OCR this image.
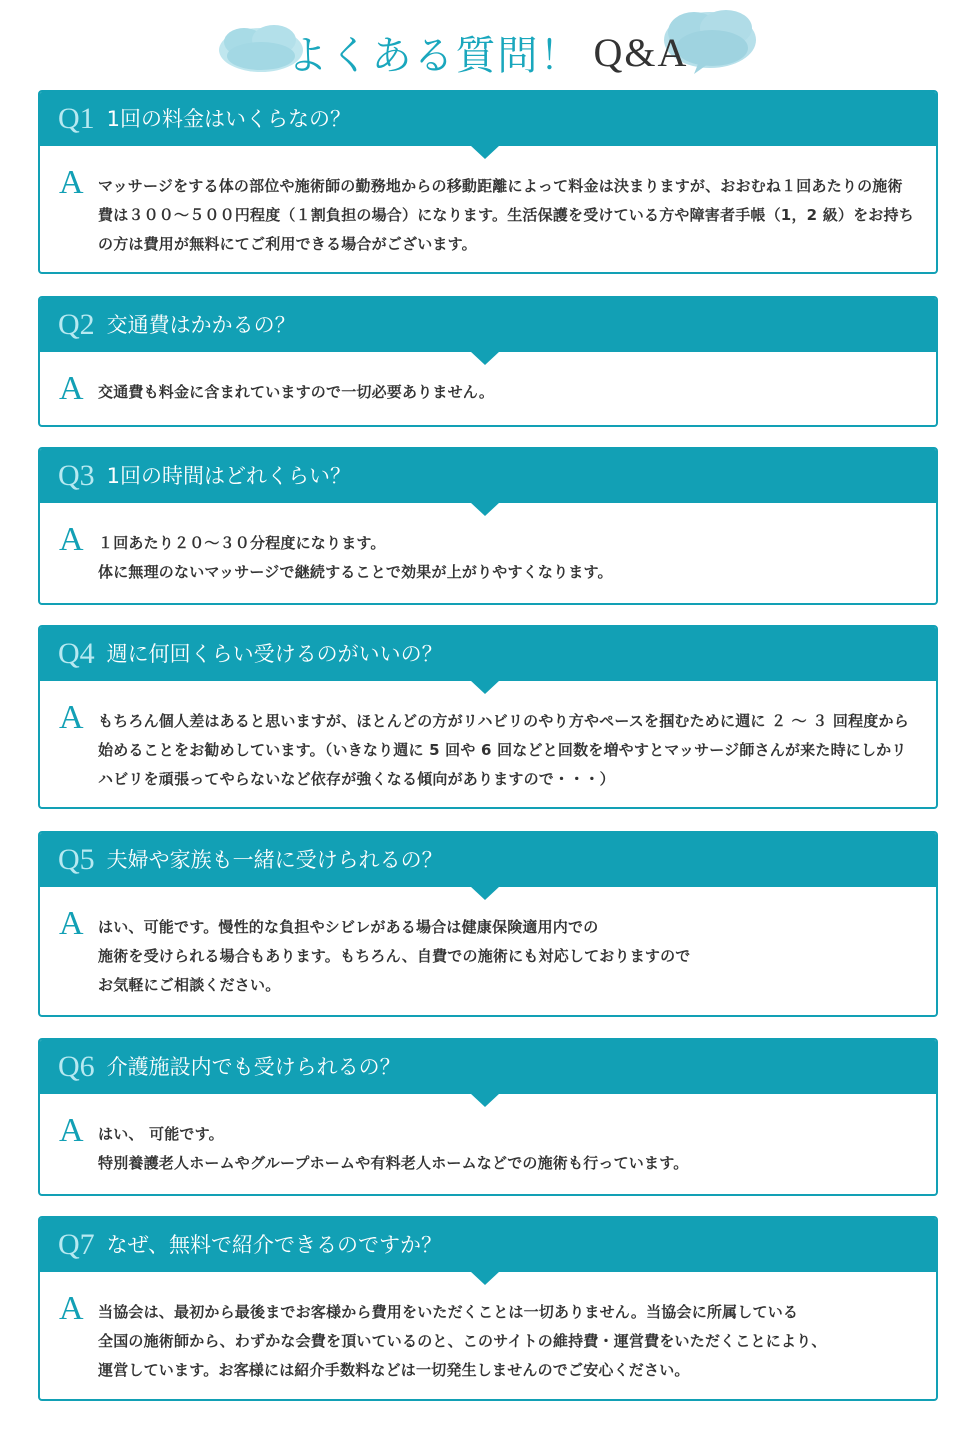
よくある質問！ Q&A
Q1 1回の料金はいくらなの？
A マッサージをする体の部位や施術師の勤務地からの移動距離によって料金は決まりますが、おおむね１回あたりの施術費は３００～５００円程度（１割負担の場合）になります。生活保護を受けている方や障害者手帳（1，2 級）をお持ちの方は費用が無料にてご利用できる場合がございます。
Q2 交通費はかかるの？
A 交通費も料金に含まれていますので一切必要ありません。
Q3 1回の時間はどれくらい？
A １回あたり２０～３０分程度になります。
体に無理のないマッサージで継続することで効果が上がりやすくなります。
Q4 週に何回くらい受けるのがいいの？
A もちろん個人差はあると思いますが、ほとんどの方がリハビリのやり方やペースを掴むために週に ２ ～ ３ 回程度から始めることをお勧めしています。（いきなり週に 5 回や 6 回などと回数を増やすとマッサージ師さんが来た時にしかリハビリを頑張ってやらないなど依存が強くなる傾向がありますので・・・）
Q5 夫婦や家族も一緒に受けられるの？
A はい、可能です。慢性的な負担やシビレがある場合は健康保険適用内での
施術を受けられる場合もあります。もちろん、自費での施術にも対応しておりますので
お気軽にご相談ください。
Q6 介護施設内でも受けられるの？
A はい、 可能です。
特別養護老人ホームやグループホームや有料老人ホームなどでの施術も行っています。
Q7 なぜ、無料で紹介できるのですか？
A 当協会は、最初から最後までお客様から費用をいただくことは一切ありません。当協会に所属している
全国の施術師から、わずかな会費を頂いているのと、このサイトの維持費・運営費をいただくことにより、
運営しています。お客様には紹介手数料などは一切発生しませんのでご安心ください。
